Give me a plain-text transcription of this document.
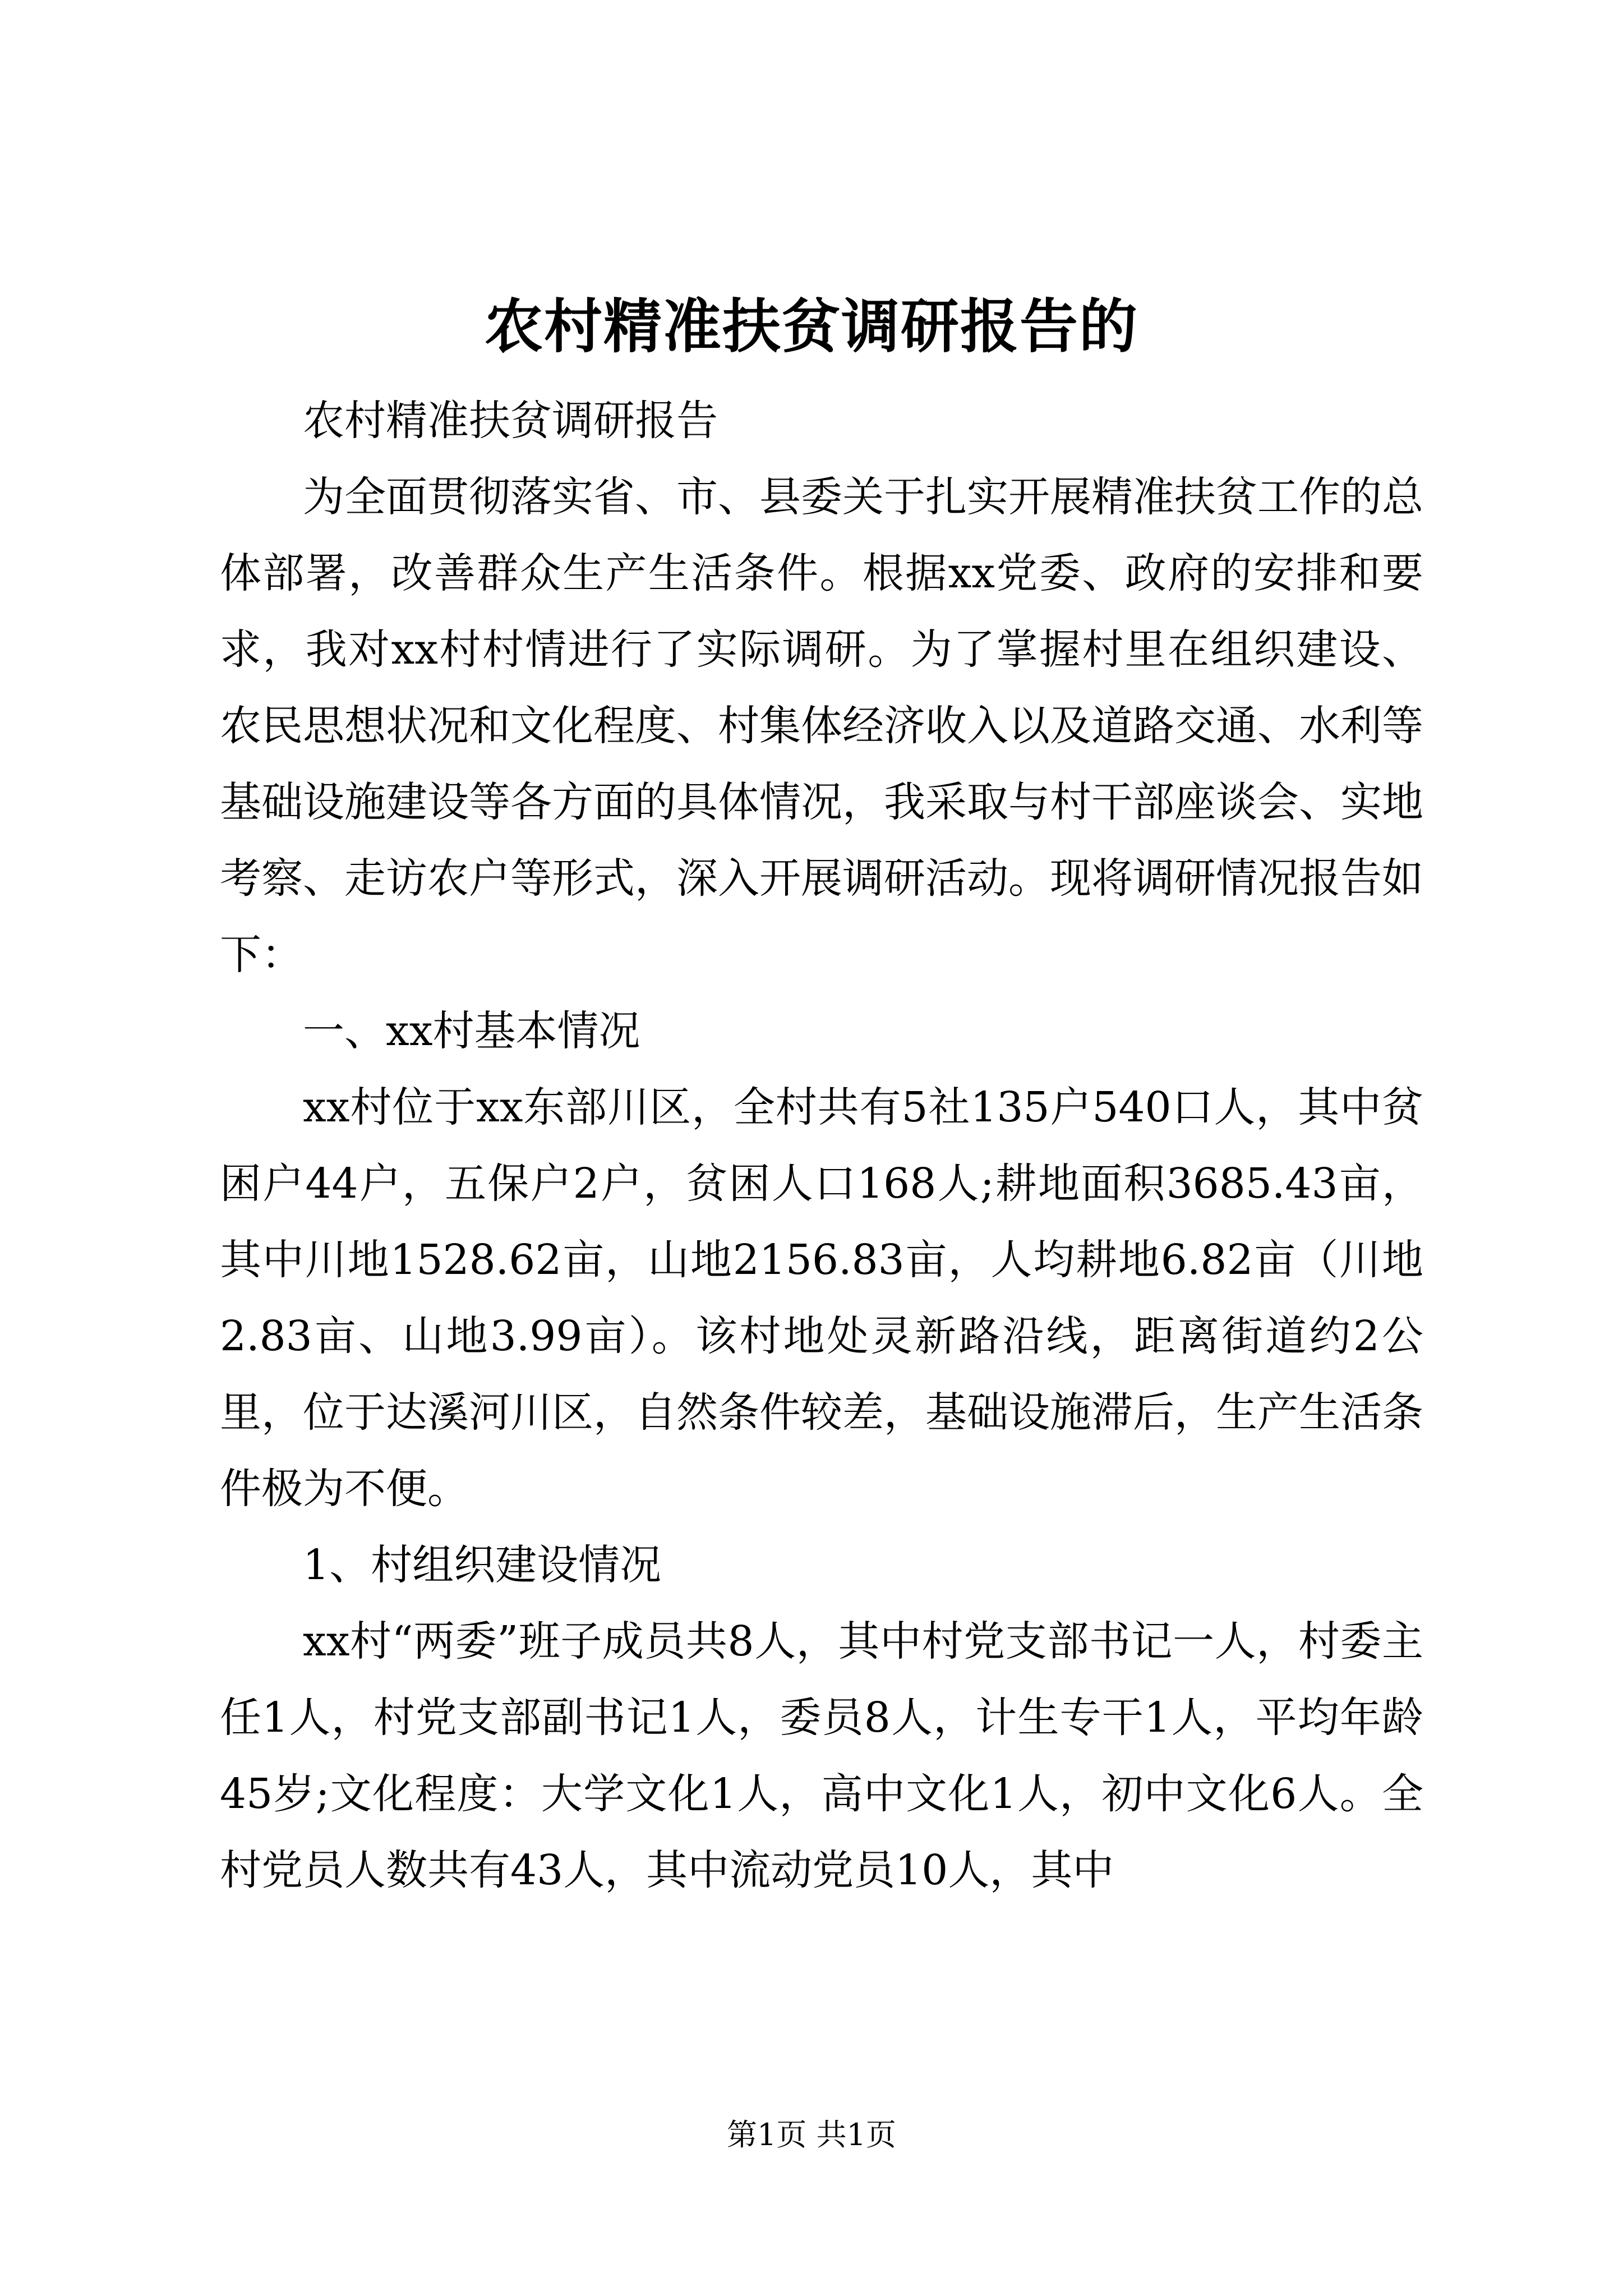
农村精准扶贫调研报告的

农村精准扶贫调研报告

为全面贯彻落实省、市、县委关于扎实开展精准扶贫工作的总体部署，改善群众生产生活条件。根据xx党委、政府的安排和要求，我对xx村村情进行了实际调研。为了掌握村里在组织建设、农民思想状况和文化程度、村集体经济收入以及道路交通、水利等基础设施建设等各方面的具体情况，我采取与村干部座谈会、实地考察、走访农户等形式，深入开展调研活动。现将调研情况报告如下：

一、xx村基本情况

xx村位于xx东部川区，全村共有5社135户540口人，其中贫困户44户，五保户2户，贫困人口168人;耕地面积3685.43亩，其中川地1528.62亩，山地2156.83亩，人均耕地6.82亩（川地2.83亩、山地3.99亩）。该村地处灵新路沿线，距离街道约2公里，位于达溪河川区，自然条件较差，基础设施滞后，生产生活条件极为不便。

1、村组织建设情况

xx村“两委”班子成员共8人，其中村党支部书记一人，村委主任1人，村党支部副书记1人，委员8人，计生专干1人，平均年龄45岁;文化程度：大学文化1人，高中文化1人，初中文化6人。全村党员人数共有43人，其中流动党员10人，其中

第1页 共1页
